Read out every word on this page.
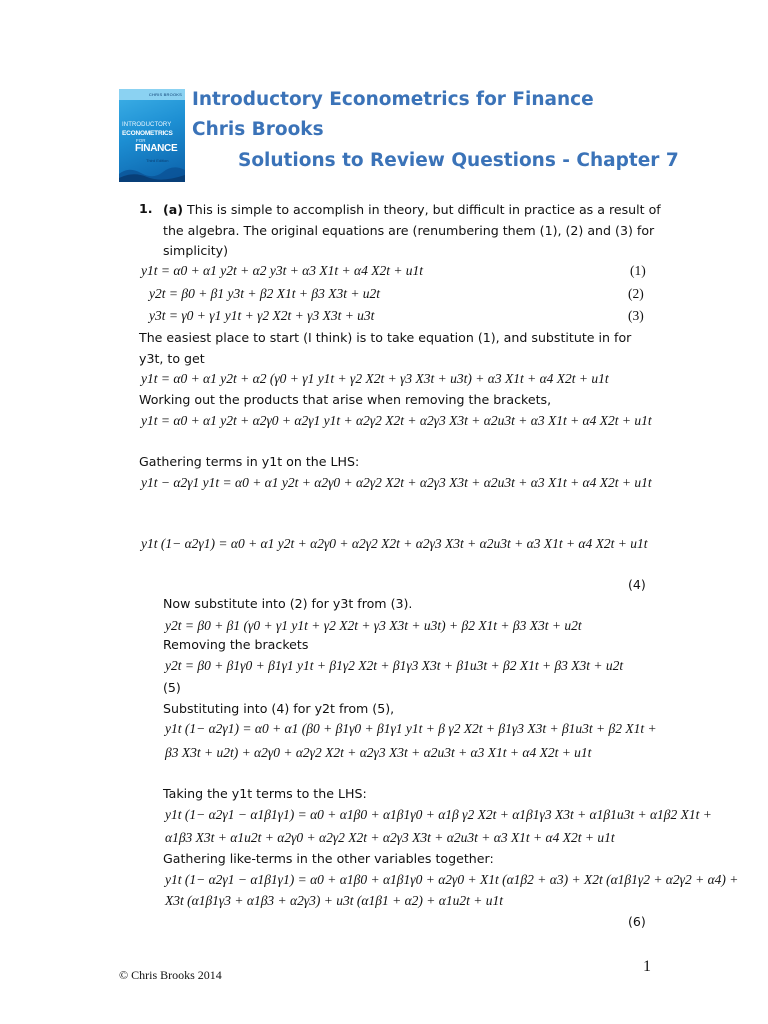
CHRIS BROOKS
INTRODUCTORY
ECONOMETRICS
FOR
FINANCE
Third Edition
Introductory Econometrics for Finance
Chris Brooks
Solutions to Review Questions - Chapter 7
1. (a) This is simple to accomplish in theory, but difficult in practice as a result of the algebra. The original equations are (renumbering them (1), (2) and (3) for simplicity)
y1t = α0 + α1 y2t + α2 y3t + α3 X1t + α4 X2t + u1t	(1)
y2t = β0 + β1 y3t + β2 X1t + β3 X3t + u2t	(2)
y3t = γ0 + γ1 y1t + γ2 X2t + γ3 X3t + u3t	(3)
The easiest place to start (I think) is to take equation (1), and substitute in for y3t, to get
y1t = α0 + α1 y2t + α2 (γ0 + γ1 y1t + γ2 X2t + γ3 X3t + u3t) + α3 X1t + α4 X2t + u1t
Working out the products that arise when removing the brackets,
y1t = α0 + α1 y2t + α2γ0 + α2γ1 y1t + α2γ2 X2t + α2γ3 X3t + α2u3t + α3 X1t + α4 X2t + u1t
Gathering terms in y1t on the LHS:
y1t − α2γ1 y1t = α0 + α1 y2t + α2γ0 + α2γ2 X2t + α2γ3 X3t + α2u3t + α3 X1t + α4 X2t + u1t
y1t (1− α2γ1) = α0 + α1 y2t + α2γ0 + α2γ2 X2t + α2γ3 X3t + α2u3t + α3 X1t + α4 X2t + u1t
(4)
Now substitute into (2) for y3t from (3).
y2t = β0 + β1 (γ0 + γ1 y1t + γ2 X2t + γ3 X3t + u3t) + β2 X1t + β3 X3t + u2t
Removing the brackets
y2t = β0 + β1γ0 + β1γ1 y1t + β1γ2 X2t + β1γ3 X3t + β1u3t + β2 X1t + β3 X3t + u2t
(5)
Substituting into (4) for y2t from (5),
y1t (1− α2γ1) = α0 + α1 (β0 + β1γ0 + β1γ1 y1t + β γ2 X2t + β1γ3 X3t + β1u3t + β2 X1t +
β3 X3t + u2t) + α2γ0 + α2γ2 X2t + α2γ3 X3t + α2u3t + α3 X1t + α4 X2t + u1t
Taking the y1t terms to the LHS:
y1t (1− α2γ1 − α1β1γ1) = α0 + α1β0 + α1β1γ0 + α1β γ2 X2t + α1β1γ3 X3t + α1β1u3t + α1β2 X1t +
α1β3 X3t + α1u2t + α2γ0 + α2γ2 X2t + α2γ3 X3t + α2u3t + α3 X1t + α4 X2t + u1t
Gathering like-terms in the other variables together:
y1t (1− α2γ1 − α1β1γ1) = α0 + α1β0 + α1β1γ0 + α2γ0 + X1t (α1β2 + α3) + X2t (α1β1γ2 + α2γ2 + α4) +
X3t (α1β1γ3 + α1β3 + α2γ3) + u3t (α1β1 + α2) + α1u2t + u1t
(6)
© Chris Brooks 2014	1
